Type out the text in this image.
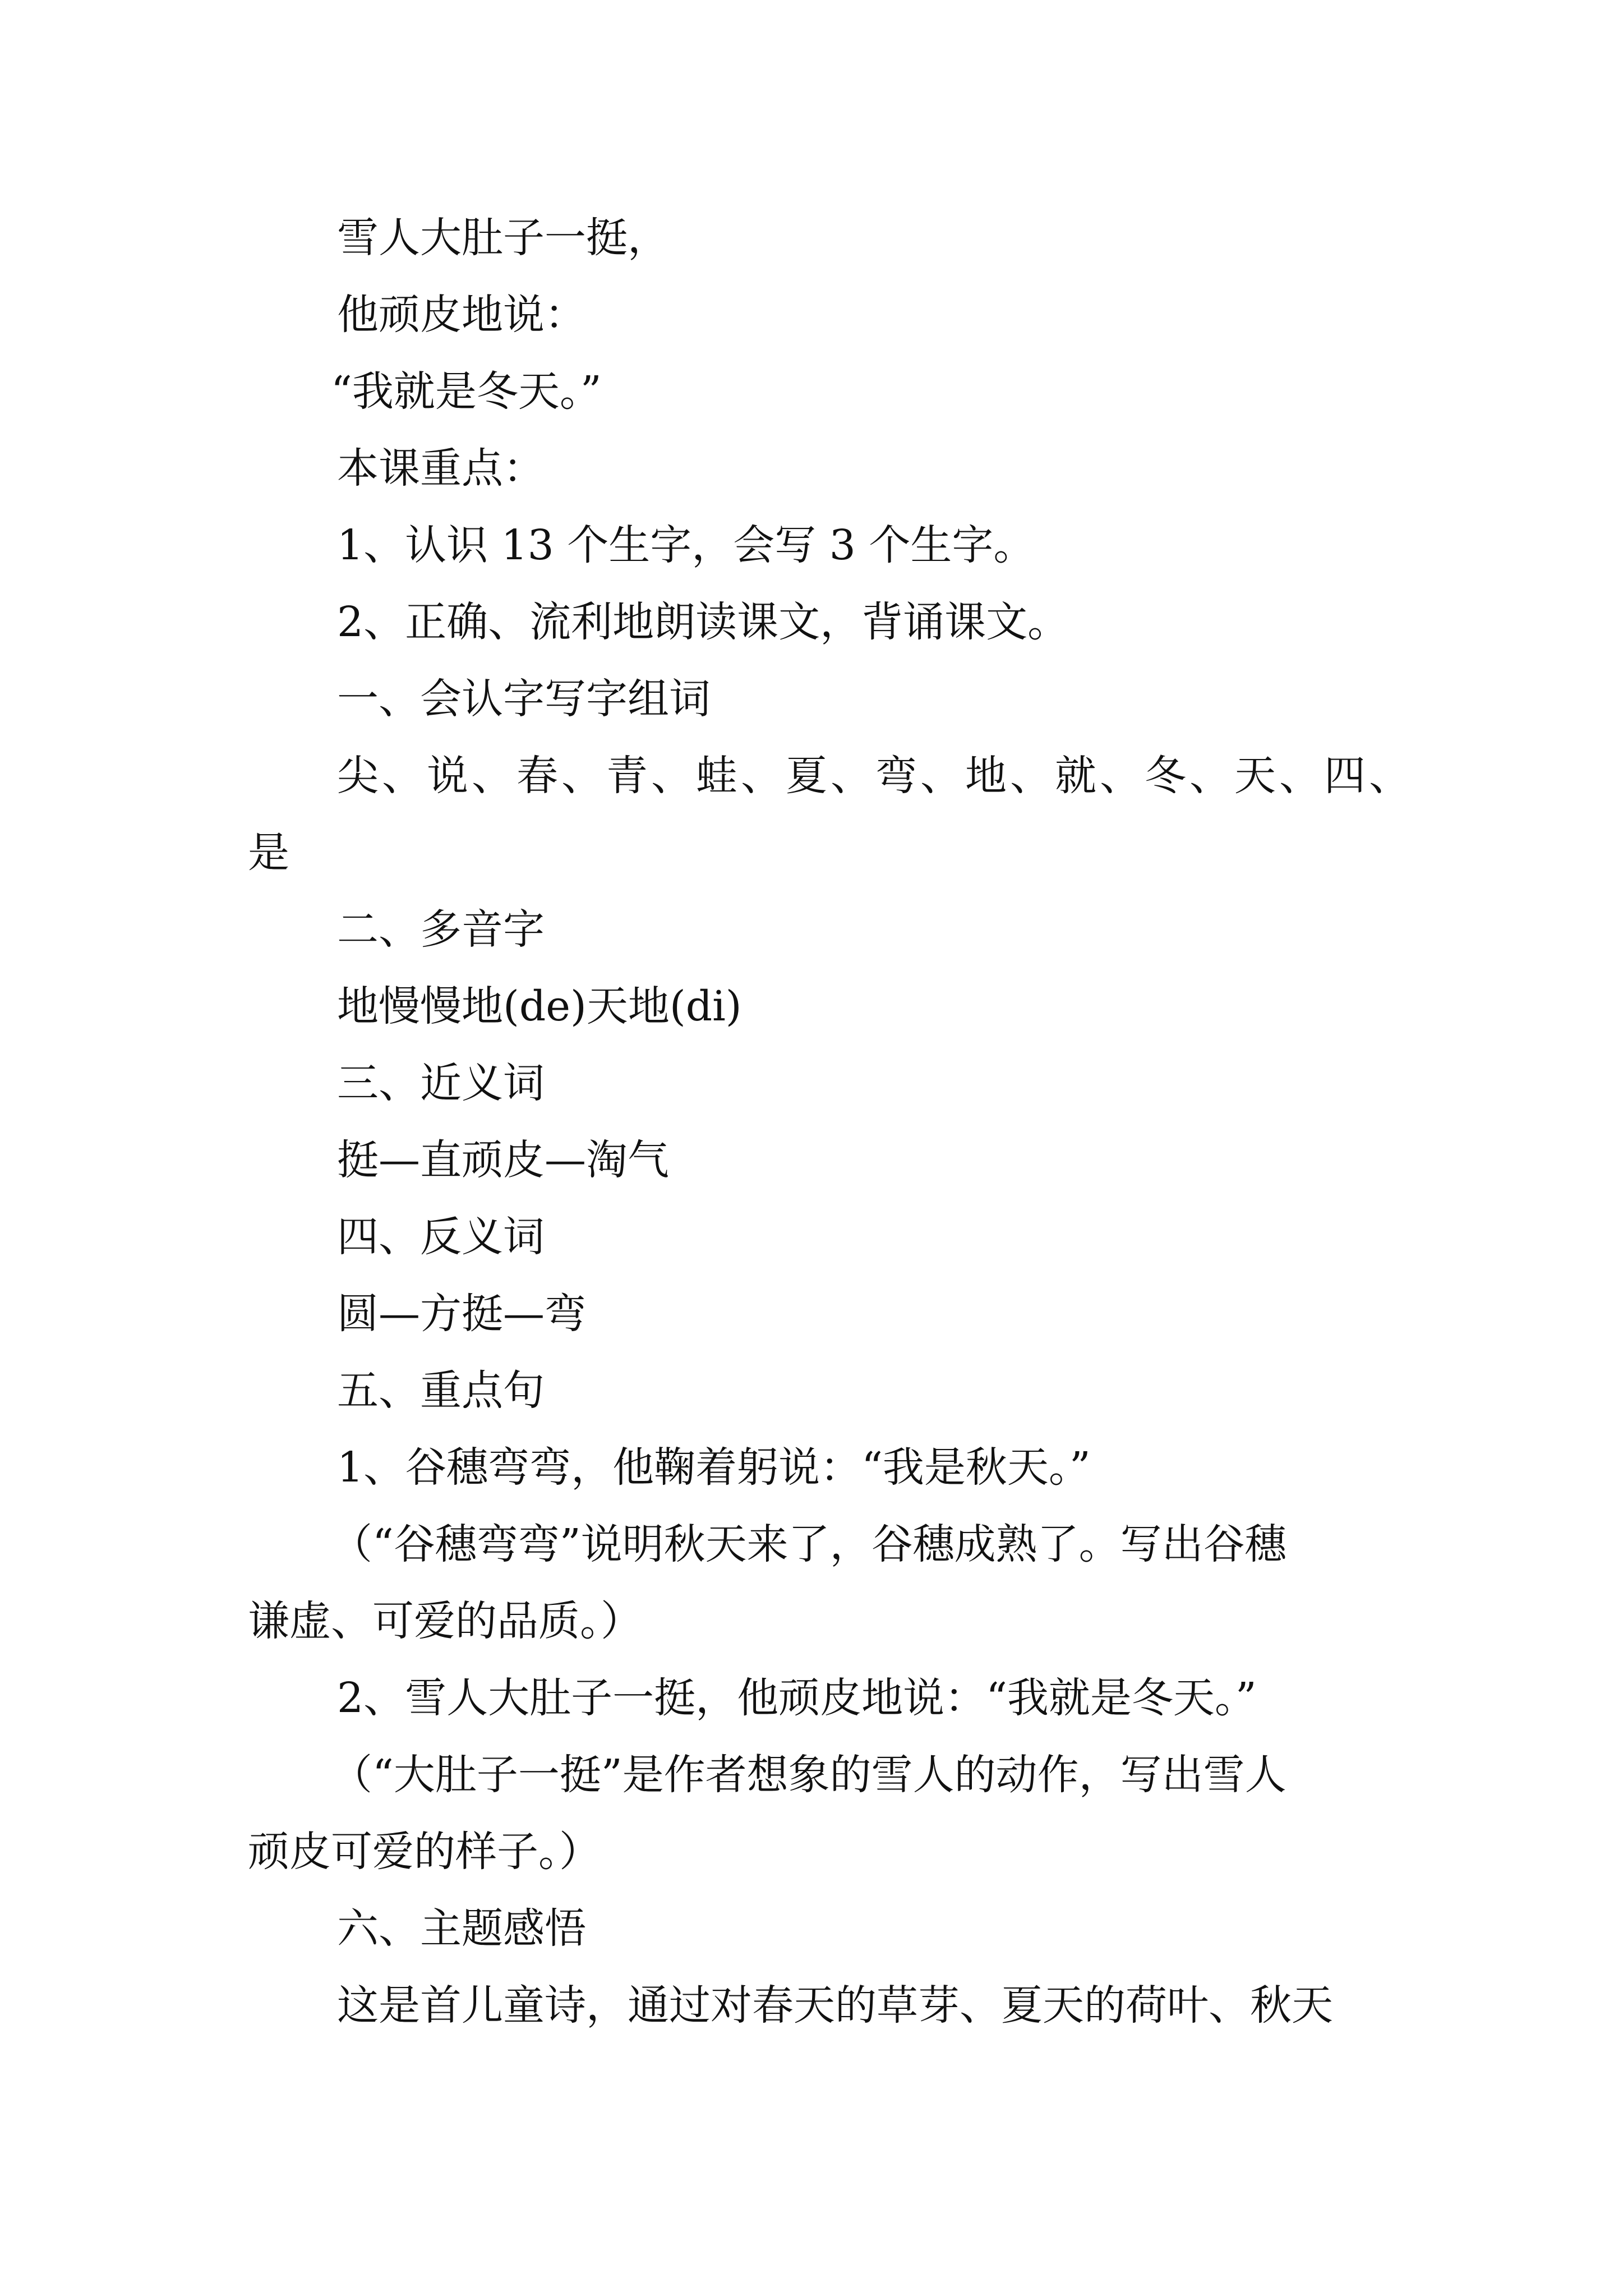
雪人大肚子一挺，
他顽皮地说：
“我就是冬天。”
本课重点：
1、认识 13 个生字，会写 3 个生字。
2、正确、流利地朗读课文，背诵课文。
一、会认字写字组词
尖、说、春、青、蛙、夏、弯、地、就、冬、天、四、
是
二、多音字
地慢慢地(de)天地(di)
三、近义词
挺—直顽皮—淘气
四、反义词
圆—方挺—弯
五、重点句
1、谷穗弯弯，他鞠着躬说：“我是秋天。”
（“谷穗弯弯”说明秋天来了，谷穗成熟了。写出谷穗
谦虚、可爱的品质。）
2、雪人大肚子一挺，他顽皮地说：“我就是冬天。”
（“大肚子一挺”是作者想象的雪人的动作，写出雪人
顽皮可爱的样子。）
六、主题感悟
这是首儿童诗，通过对春天的草芽、夏天的荷叶、秋天
